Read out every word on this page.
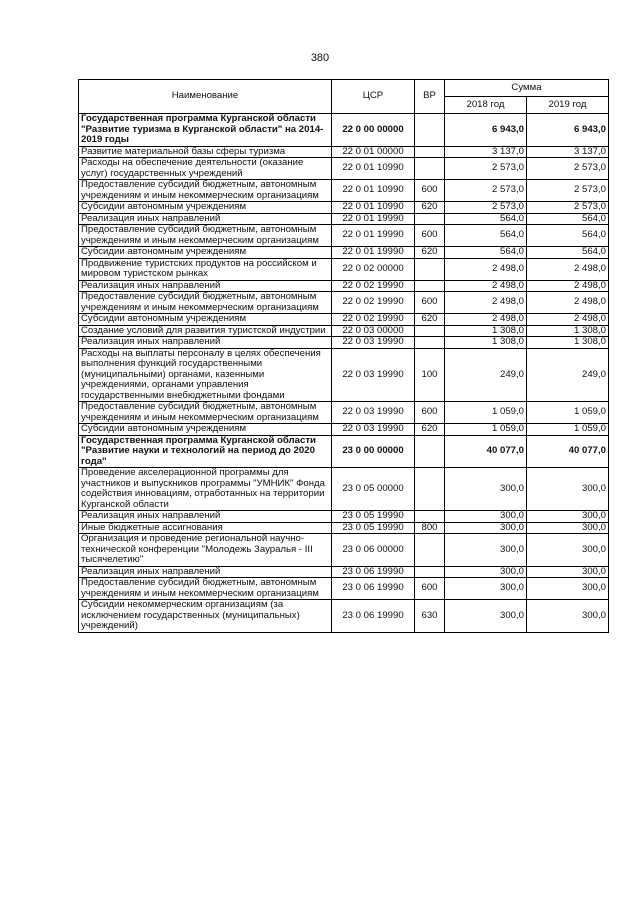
380
Наименование	ЦСР	ВР	Сумма	
			2018 год	2019 год
Государственная программа Курганской области "Развитие туризма в Курганской области" на 2014-2019 годы	22 0 00 00000		6 943,0	6 943,0
Развитие материальной базы сферы туризма	22 0 01 00000		3 137,0	3 137,0
Расходы на обеспечение деятельности (оказание услуг) государственных учреждений	22 0 01 10990		2 573,0	2 573,0
Предоставление субсидий бюджетным, автономным учреждениям и иным некоммерческим организациям	22 0 01 10990	600	2 573,0	2 573,0
Субсидии автономным учреждениям	22 0 01 10990	620	2 573,0	2 573,0
Реализация иных направлений	22 0 01 19990		564,0	564,0
Предоставление субсидий бюджетным, автономным учреждениям и иным некоммерческим организациям	22 0 01 19990	600	564,0	564,0
Субсидии автономным учреждениям	22 0 01 19990	620	564,0	564,0
Продвижение туристских продуктов на российском и мировом туристском рынках	22 0 02 00000		2 498,0	2 498,0
Реализация иных направлений	22 0 02 19990		2 498,0	2 498,0
Предоставление субсидий бюджетным, автономным учреждениям и иным некоммерческим организациям	22 0 02 19990	600	2 498,0	2 498,0
Субсидии автономным учреждениям	22 0 02 19990	620	2 498,0	2 498,0
Создание условий для развития туристской индустрии	22 0 03 00000		1 308,0	1 308,0
Реализация иных направлений	22 0 03 19990		1 308,0	1 308,0
Расходы на выплаты персоналу в целях обеспечения выполнения функций государственными (муниципальными) органами, казенными учреждениями, органами управления государственными внебюджетными фондами	22 0 03 19990	100	249,0	249,0
Предоставление субсидий бюджетным, автономным учреждениям и иным некоммерческим организациям	22 0 03 19990	600	1 059,0	1 059,0
Субсидии автономным учреждениям	22 0 03 19990	620	1 059,0	1 059,0
Государственная программа Курганской области "Развитие науки и технологий на период до 2020 года"	23 0 00 00000		40 077,0	40 077,0
Проведение акселерационной программы для участников и выпускников программы "УМНИК" Фонда содействия инновациям, отработанных на территории Курганской области	23 0 05 00000		300,0	300,0
Реализация иных направлений	23 0 05 19990		300,0	300,0
Иные бюджетные ассигнования	23 0 05 19990	800	300,0	300,0
Организация и проведение региональной научно-технической конференции "Молодежь Зауралья - III тысячелетию"	23 0 06 00000		300,0	300,0
Реализация иных направлений	23 0 06 19990		300,0	300,0
Предоставление субсидий бюджетным, автономным учреждениям и иным некоммерческим организациям	23 0 06 19990	600	300,0	300,0
Субсидии некоммерческим организациям (за исключением государственных (муниципальных) учреждений)	23 0 06 19990	630	300,0	300,0
